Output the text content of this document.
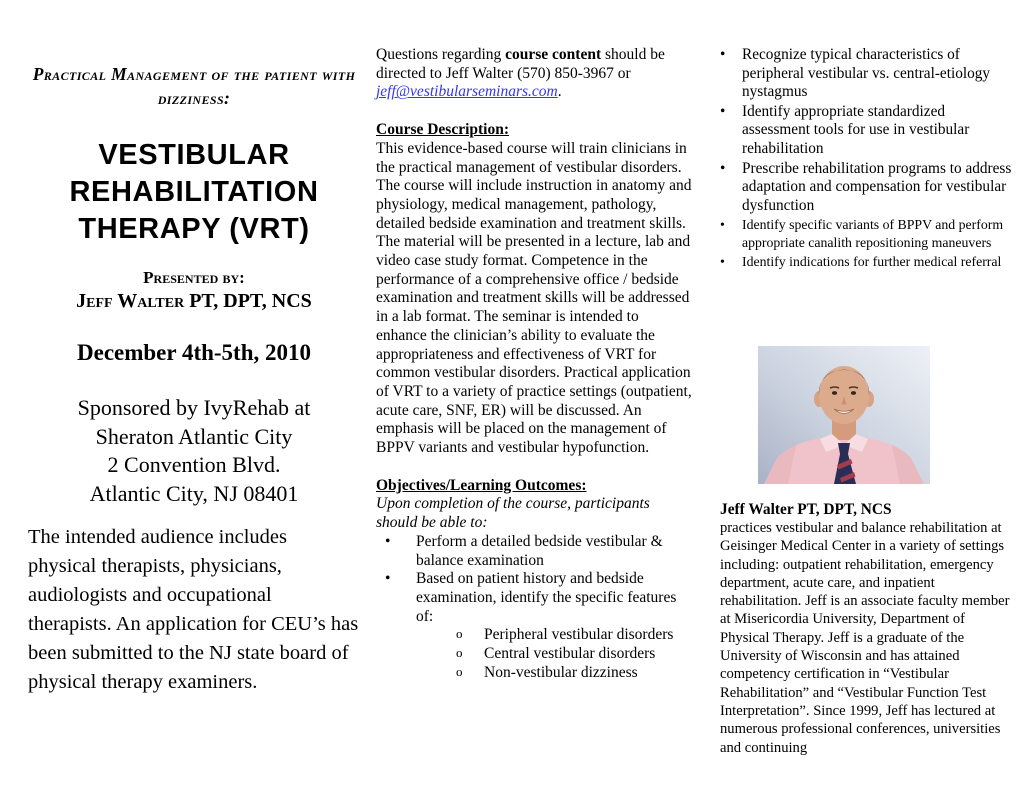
Practical Management of the patient with dizziness:
VESTIBULAR REHABILITATION THERAPY (VRT)
Presented by:
Jeff Walter PT, DPT, NCS
December 4th-5th, 2010
Sponsored by IvyRehab at
Sheraton Atlantic City
2 Convention Blvd.
Atlantic City, NJ 08401
The intended audience includes physical therapists, physicians, audiologists and occupational therapists. An application for CEU’s has been submitted to the NJ state board of physical therapy examiners.

Questions regarding course content should be directed to Jeff Walter (570) 850-3967 or jeff@vestibularseminars.com.

Course Description:

This evidence-based course will train clinicians in the practical management of vestibular disorders. The course will include instruction in anatomy and physiology, medical management, pathology, detailed bedside examination and treatment skills. The material will be presented in a lecture, lab and video case study format. Competence in the performance of a comprehensive office / bedside examination and treatment skills will be addressed in a lab format. The seminar is intended to enhance the clinician’s ability to evaluate the appropriateness and effectiveness of VRT for common vestibular disorders. Practical application of VRT to a variety of practice settings (outpatient, acute care, SNF, ER) will be discussed. An emphasis will be placed on the management of BPPV variants and vestibular hypofunction.

Objectives/Learning Outcomes:
Upon completion of the course, participants should be able to:
• Perform a detailed bedside vestibular & balance examination
• Based on patient history and bedside examination, identify the specific features of:
o Peripheral vestibular disorders
o Central vestibular disorders
o Non-vestibular dizziness
• Recognize typical characteristics of peripheral vestibular vs. central-etiology nystagmus
• Identify appropriate standardized assessment tools for use in vestibular rehabilitation
• Prescribe rehabilitation programs to address adaptation and compensation for vestibular dysfunction
• Identify specific variants of BPPV and perform appropriate canalith repositioning maneuvers
• Identify indications for further medical referral
Jeff Walter PT, DPT, NCS
practices vestibular and balance rehabilitation at Geisinger Medical Center in a variety of settings including: outpatient rehabilitation, emergency department, acute care, and inpatient rehabilitation. Jeff is an associate faculty member at Misericordia University, Department of Physical Therapy. Jeff is a graduate of the University of Wisconsin and has attained competency certification in “Vestibular Rehabilitation” and “Vestibular Function Test Interpretation”. Since 1999, Jeff has lectured at numerous professional conferences, universities and continuing
